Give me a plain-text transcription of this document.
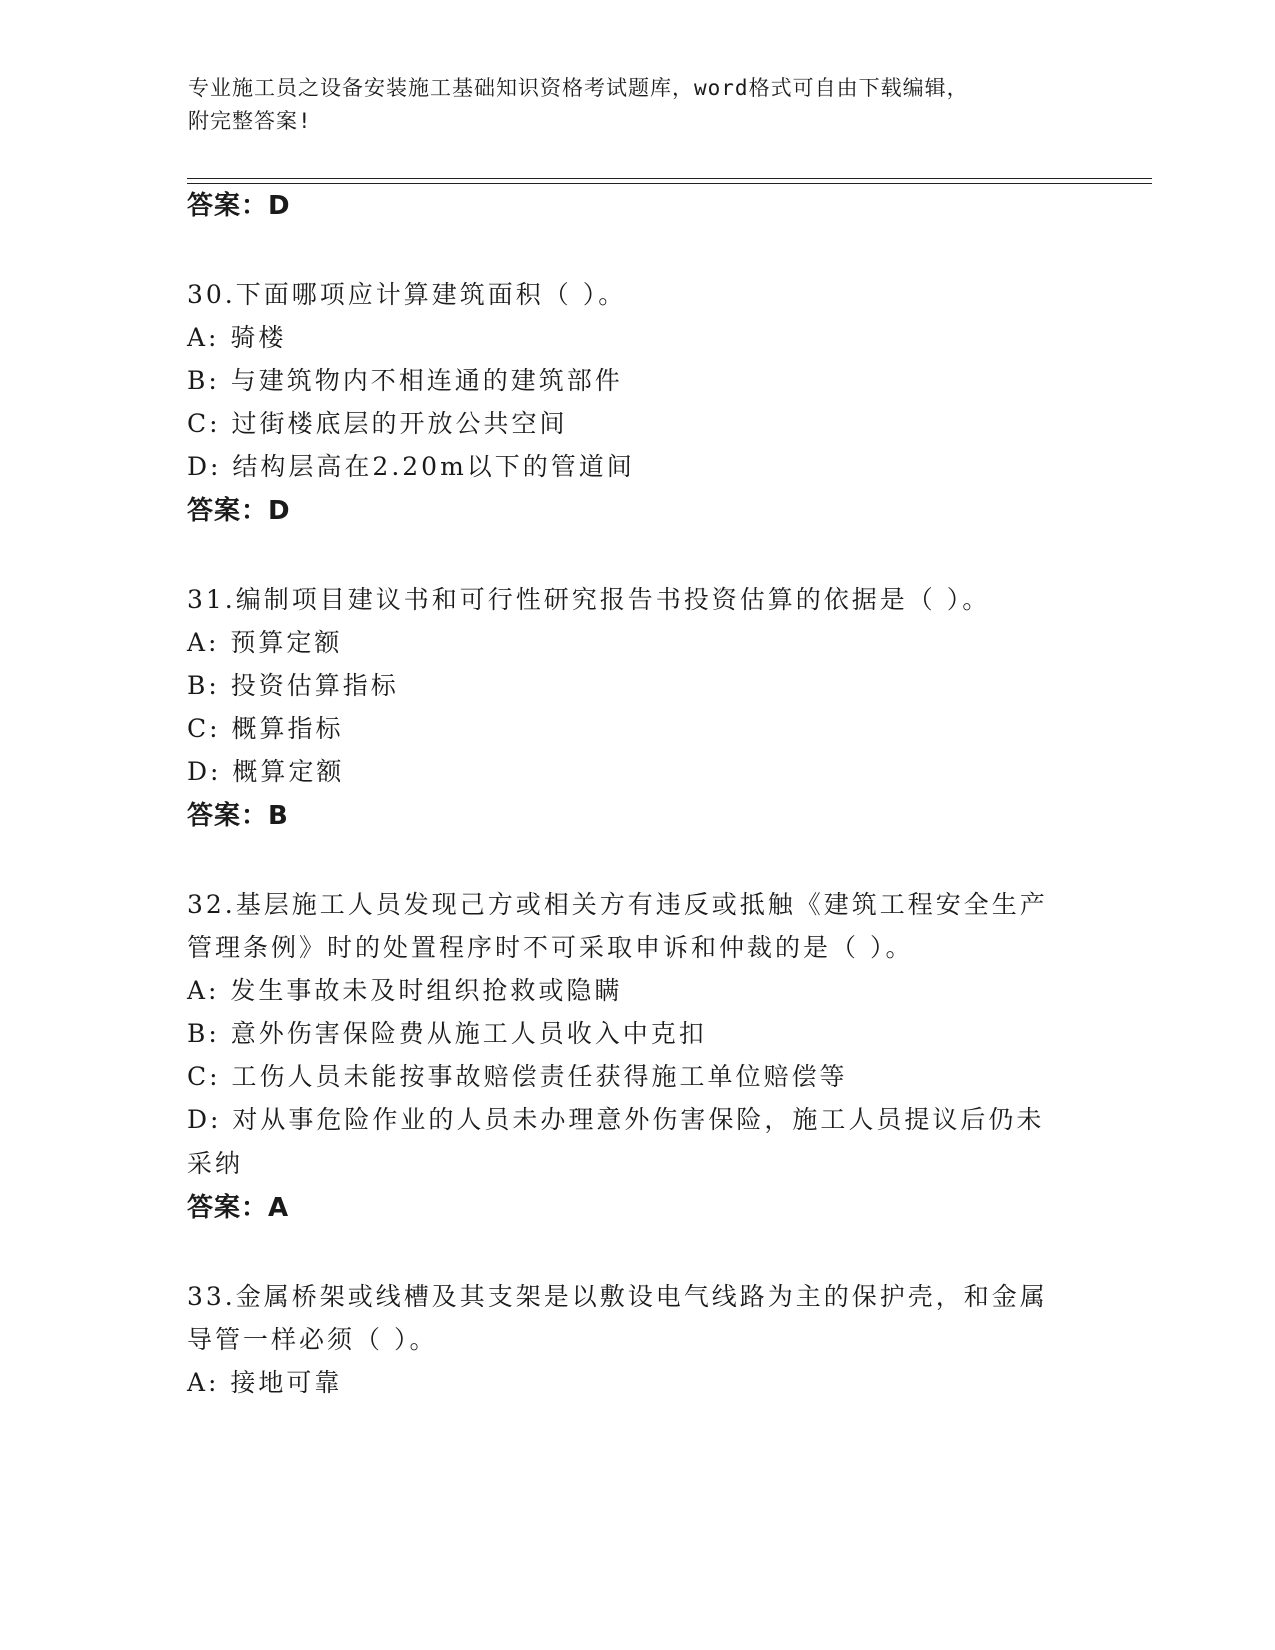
专业施工员之设备安装施工基础知识资格考试题库，word格式可自由下载编辑，
附完整答案!
答案：D
30.下面哪项应计算建筑面积（ ）。
A: 骑楼
B: 与建筑物内不相连通的建筑部件
C: 过街楼底层的开放公共空间
D: 结构层高在2.20m以下的管道间
答案：D
31.编制项目建议书和可行性研究报告书投资估算的依据是（ ）。
A: 预算定额
B: 投资估算指标
C: 概算指标
D: 概算定额
答案：B
32.基层施工人员发现己方或相关方有违反或抵触《建筑工程安全生产
管理条例》时的处置程序时不可采取申诉和仲裁的是（ ）。
A: 发生事故未及时组织抢救或隐瞒
B: 意外伤害保险费从施工人员收入中克扣
C: 工伤人员未能按事故赔偿责任获得施工单位赔偿等
D: 对从事危险作业的人员未办理意外伤害保险，施工人员提议后仍未
采纳
答案：A
33.金属桥架或线槽及其支架是以敷设电气线路为主的保护壳，和金属
导管一样必须（ ）。
A: 接地可靠
